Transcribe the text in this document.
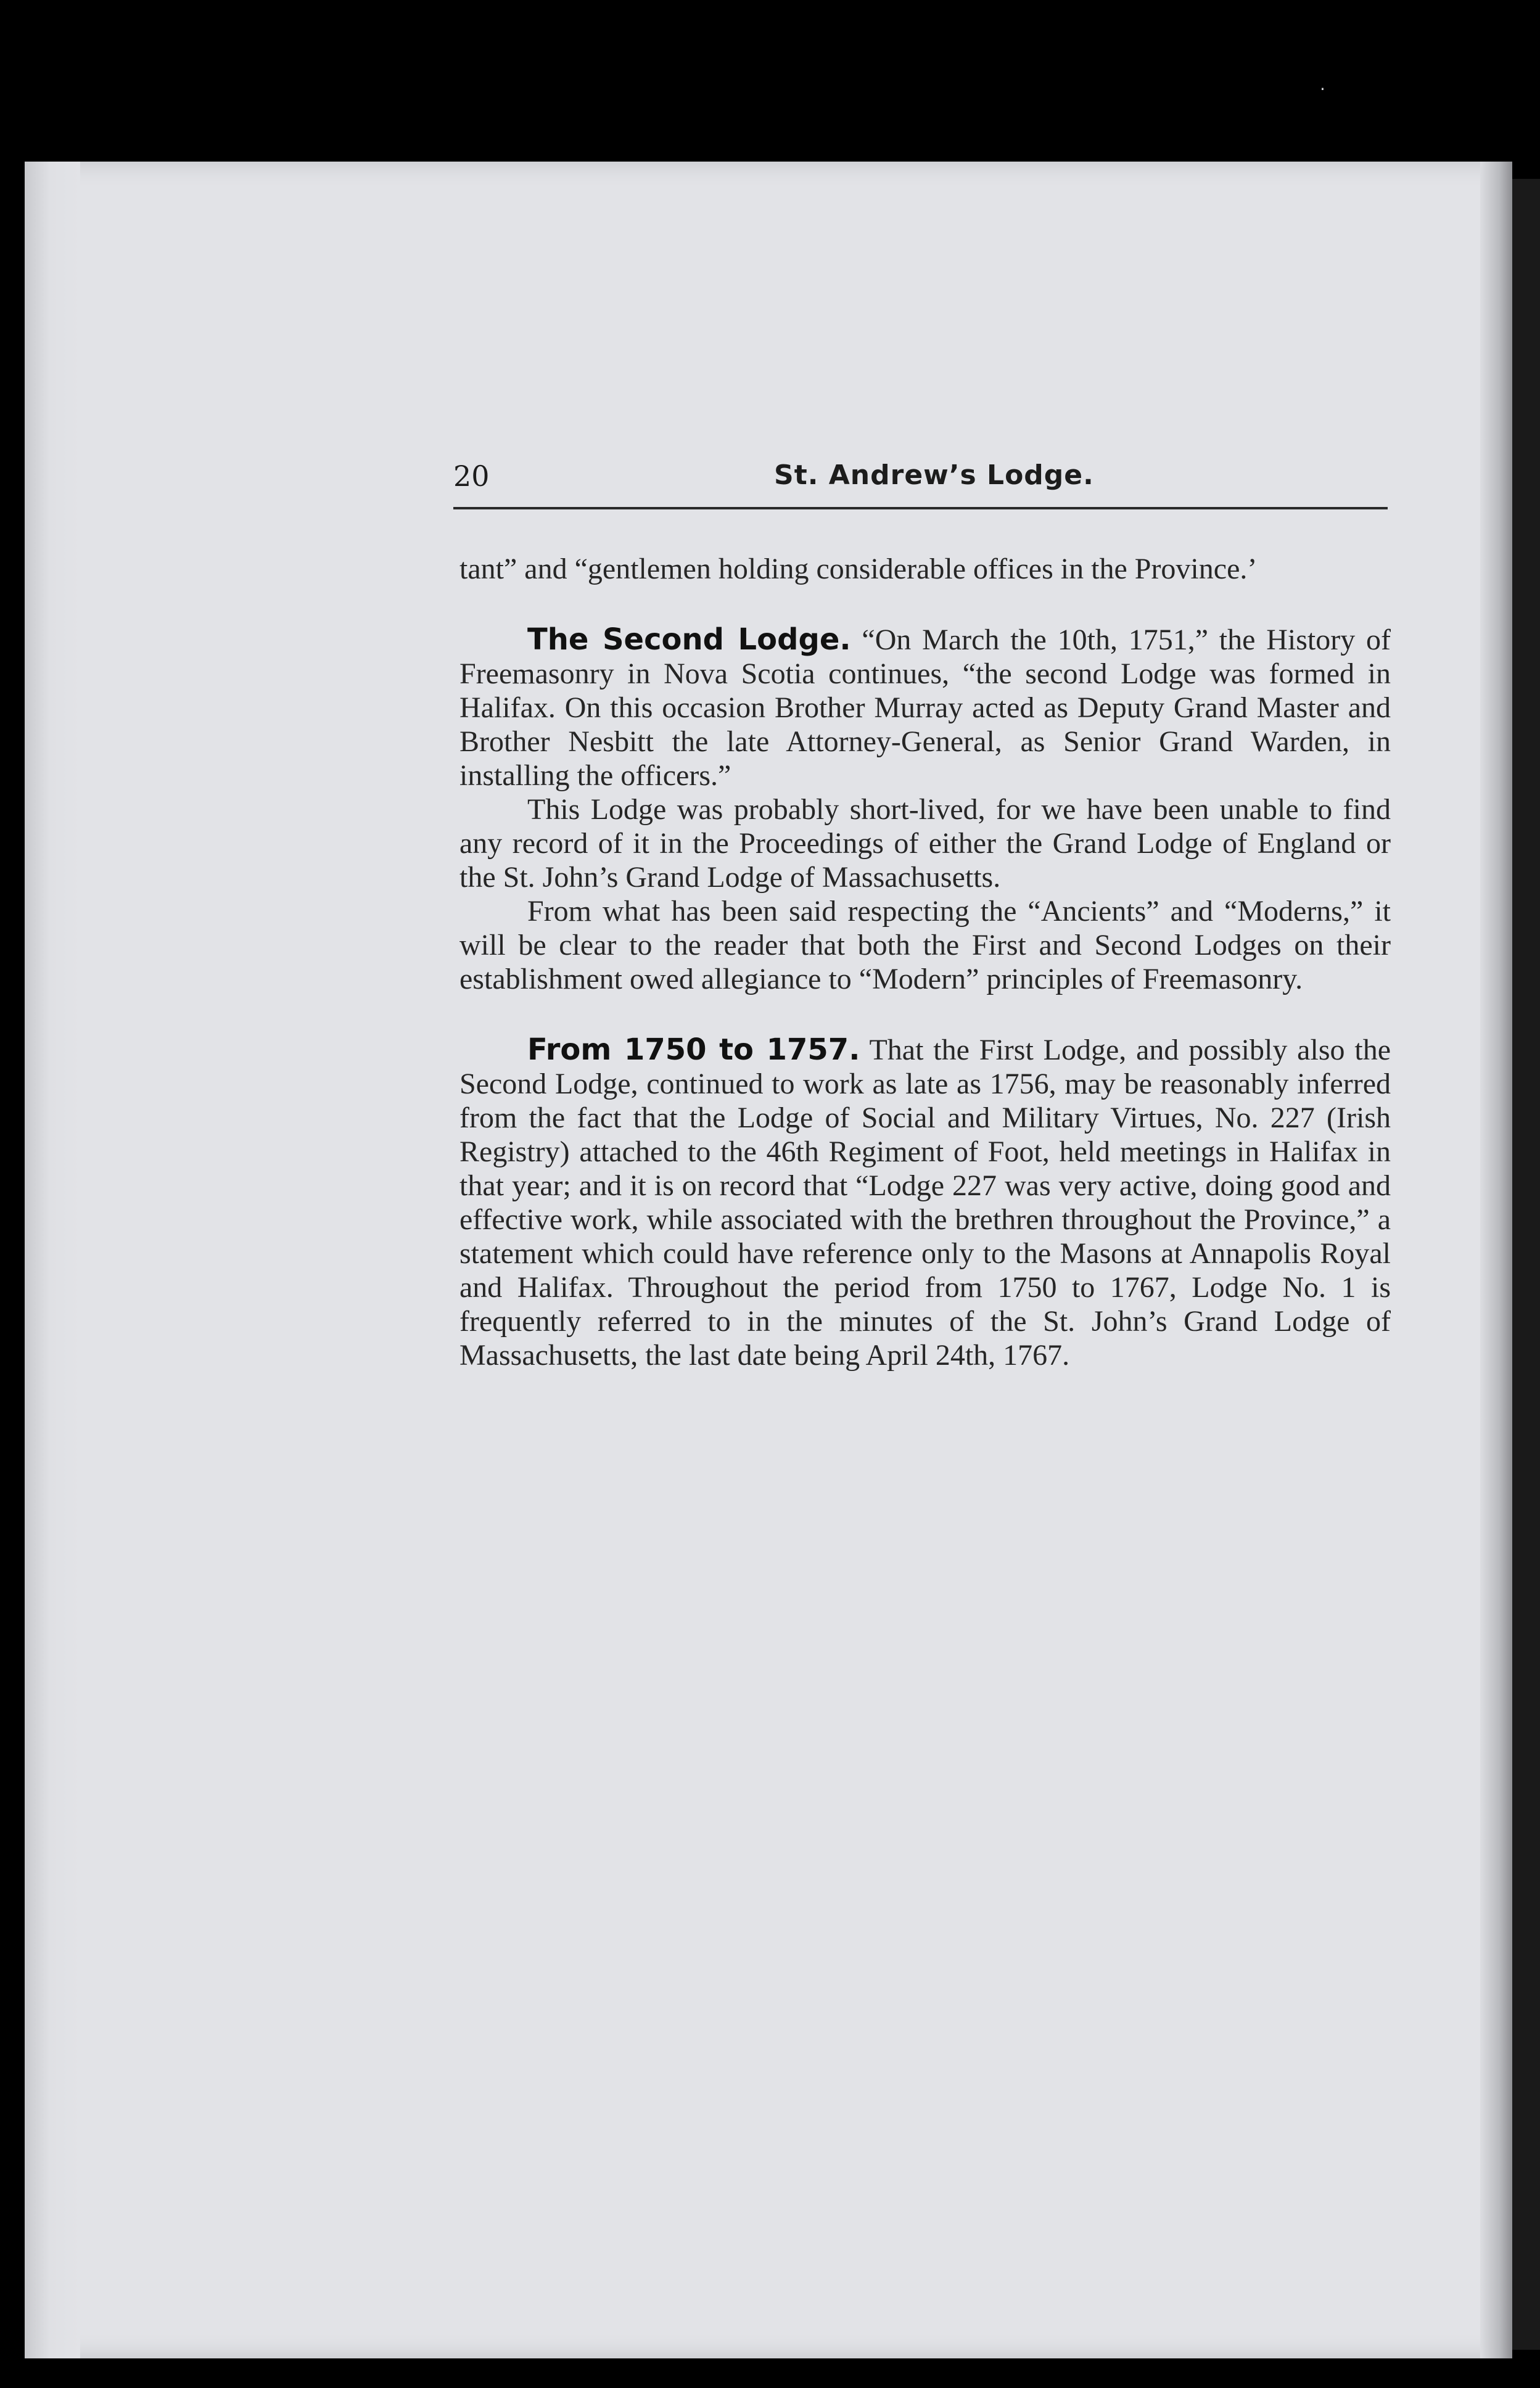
·
20	St. Andrew’s Lodge.

tant” and “gentlemen holding considerable offices in the Province.’

The Second Lodge. “On March the 10th, 1751,” the History of Freemasonry in Nova Scotia continues, “the second Lodge was formed in Halifax. On this occasion Brother Murray acted as Deputy Grand Master and Brother Nesbitt the late Attorney-General, as Senior Grand Warden, in installing the officers.”

This Lodge was probably short-lived, for we have been unable to find any record of it in the Proceedings of either the Grand Lodge of England or the St. John’s Grand Lodge of Massachusetts.

From what has been said respecting the “Ancients” and “Moderns,” it will be clear to the reader that both the First and Second Lodges on their establishment owed allegiance to “Modern” principles of Freemasonry.

From 1750 to 1757. That the First Lodge, and possibly also the Second Lodge, continued to work as late as 1756, may be reasonably inferred from the fact that the Lodge of Social and Military Virtues, No. 227 (Irish Registry) attached to the 46th Regiment of Foot, held meetings in Halifax in that year; and it is on record that “Lodge 227 was very active, doing good and effective work, while associated with the brethren throughout the Province,” a statement which could have reference only to the Masons at Annapolis Royal and Halifax. Throughout the period from 1750 to 1767, Lodge No. 1 is frequently referred to in the minutes of the St. John’s Grand Lodge of Massachusetts, the last date being April 24th, 1767.
